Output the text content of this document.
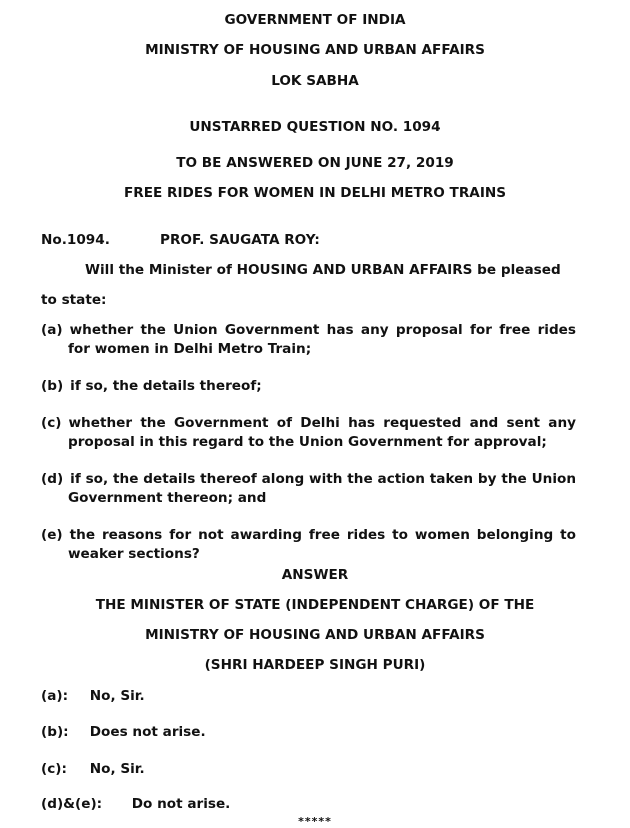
GOVERNMENT OF INDIA
MINISTRY OF HOUSING AND URBAN AFFAIRS
LOK SABHA
UNSTARRED QUESTION NO. 1094
TO BE ANSWERED ON JUNE 27, 2019
FREE RIDES FOR WOMEN IN DELHI METRO TRAINS
No.1094.	PROF. SAUGATA ROY:
Will the Minister of HOUSING AND URBAN AFFAIRS be pleased
to state:
(a) whether the Union Government has any proposal for free rides
for women in Delhi Metro Train;
(b) if so, the details thereof;
(c) whether the Government of Delhi has requested and sent any
proposal in this regard to the Union Government for approval;
(d) if so, the details thereof along with the action taken by the Union
Government thereon; and
(e) the reasons for not awarding free rides to women belonging to
weaker sections?
ANSWER
THE MINISTER OF STATE (INDEPENDENT CHARGE) OF THE
MINISTRY OF HOUSING AND URBAN AFFAIRS
(SHRI HARDEEP SINGH PURI)
(a): No, Sir.
(b): Does not arise.
(c): No, Sir.
(d)&(e): Do not arise.
*****
